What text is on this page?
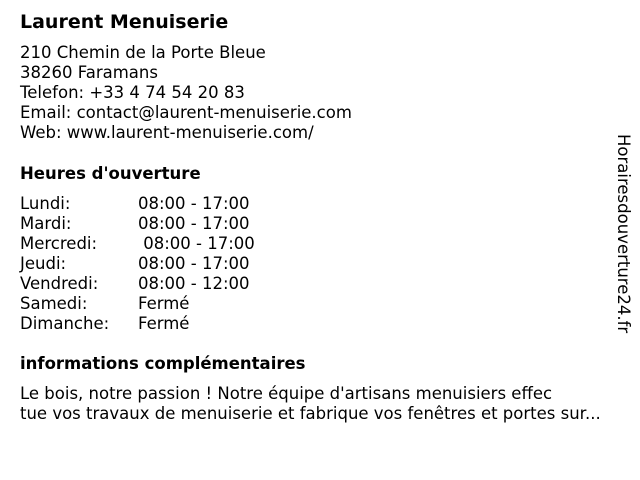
Laurent Menuiserie
210 Chemin de la Porte Bleue
38260 Faramans
Telefon: +33 4 74 54 20 83
Email: contact@laurent-menuiserie.com
Web: www.laurent-menuiserie.com/
Heures d'ouverture
Lundi:	08:00 - 17:00
Mardi:	08:00 - 17:00
Mercredi: 08:00 - 17:00
Jeudi:	08:00 - 17:00
Vendredi: 08:00 - 12:00
Samedi:	Fermé
Dimanche: Fermé
informations complémentaires
Le bois, notre passion ! Notre équipe d'artisans menuisiers effec
tue vos travaux de menuiserie et fabrique vos fenêtres et portes sur...
Horairesdouverture24.fr
